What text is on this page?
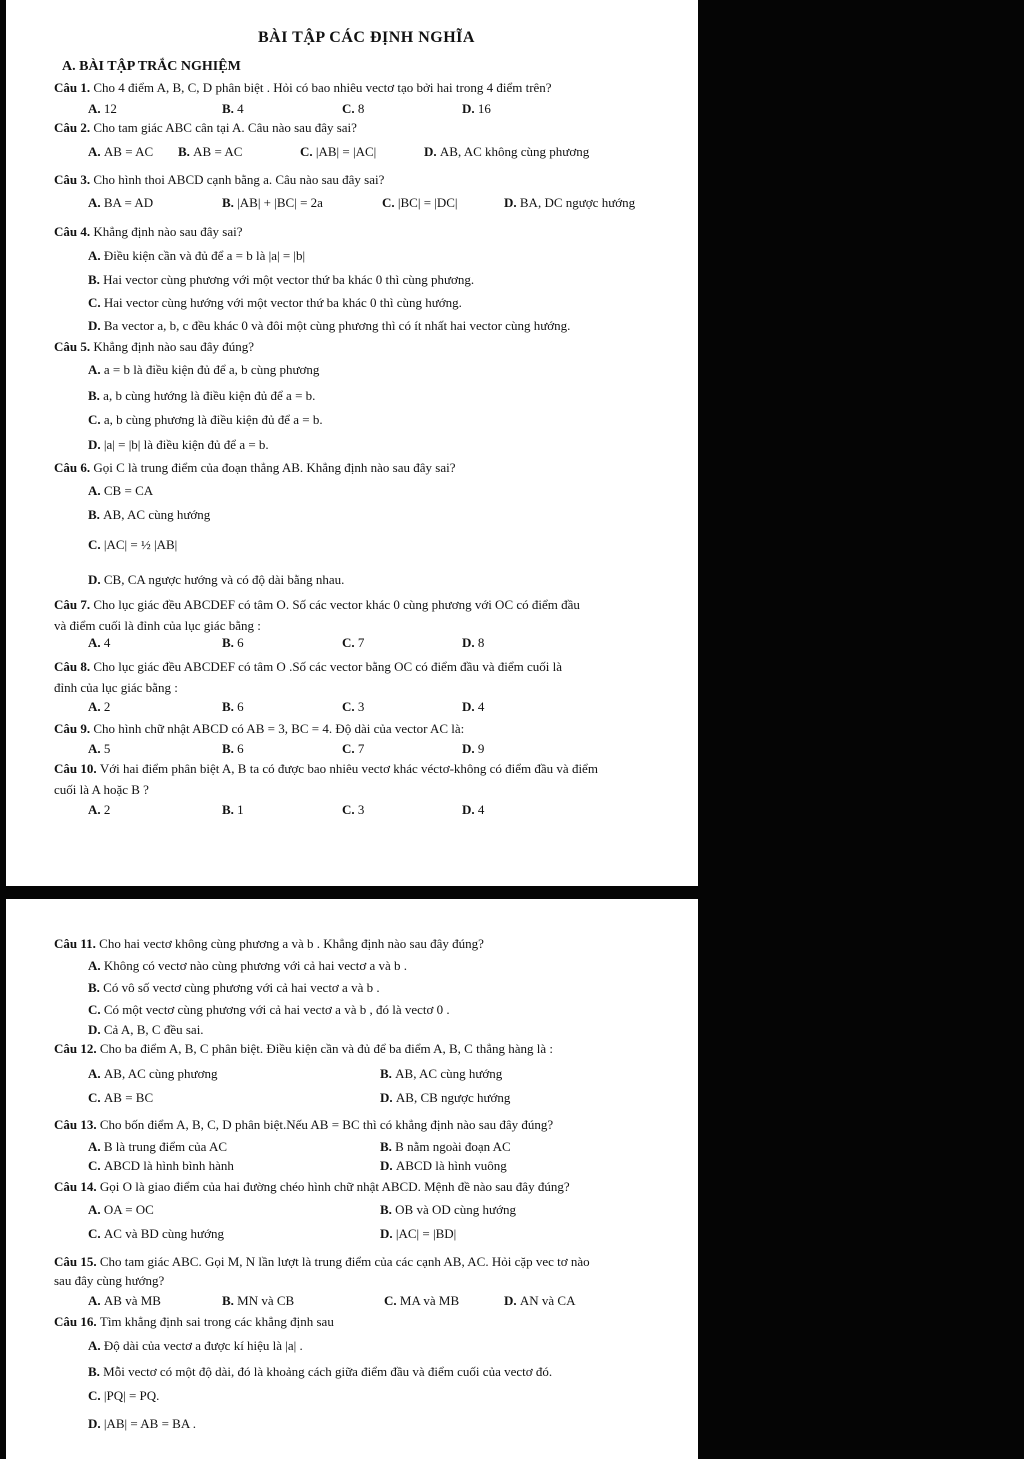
BÀI TẬP CÁC ĐỊNH NGHĨA
A. BÀI TẬP TRẮC NGHIỆM
Câu 1. Cho 4 điểm A, B, C, D phân biệt . Hỏi có bao nhiêu vectơ tạo bởi hai trong 4 điểm trên?
A. 12	B. 4	C. 8	D. 16
Câu 2. Cho tam giác ABC cân tại A. Câu nào sau đây sai?
A. AB = AC B. AB = AC	C. |AB| = |AC|	D. AB, AC không cùng phương
Câu 3. Cho hình thoi ABCD cạnh bằng a. Câu nào sau đây sai?
A. BA = AD	B. |AB| + |BC| = 2a	C. |BC| = |DC|	D. BA, DC ngược hướng
Câu 4. Khẳng định nào sau đây sai?
A. Điều kiện cần và đủ để a = b là |a| = |b|
B. Hai vector cùng phương với một vector thứ ba khác 0 thì cùng phương.
C. Hai vector cùng hướng với một vector thứ ba khác 0 thì cùng hướng.
D. Ba vector a, b, c đều khác 0 và đôi một cùng phương thì có ít nhất hai vector cùng hướng.
Câu 5. Khẳng định nào sau đây đúng?
A. a = b là điều kiện đủ để a, b cùng phương
B. a, b cùng hướng là điều kiện đủ để a = b.
C. a, b cùng phương là điều kiện đủ để a = b.
D. |a| = |b| là điều kiện đủ để a = b.
Câu 6. Gọi C là trung điểm của đoạn thẳng AB. Khẳng định nào sau đây sai?
A. CB = CA
B. AB, AC cùng hướng
C. |AC| = ½ |AB|
D. CB, CA ngược hướng và có độ dài bằng nhau.
Câu 7. Cho lục giác đều ABCDEF có tâm O. Số các vector khác 0 cùng phương với OC có điểm đầu
và điểm cuối là đỉnh của lục giác bằng :
A. 4	B. 6	C. 7	D. 8
Câu 8. Cho lục giác đều ABCDEF có tâm O .Số các vector bằng OC có điểm đầu và điểm cuối là
đỉnh của lục giác bằng :
A. 2	B. 6	C. 3	D. 4
Câu 9. Cho hình chữ nhật ABCD có AB = 3, BC = 4. Độ dài của vector AC là:
A. 5	B. 6	C. 7	D. 9
Câu 10. Với hai điểm phân biệt A, B ta có được bao nhiêu vectơ khác véctơ-không có điểm đầu và điểm
cuối là A hoặc B ?
A. 2	B. 1	C. 3	D. 4
Câu 11. Cho hai vectơ không cùng phương a và b . Khẳng định nào sau đây đúng?
A. Không có vectơ nào cùng phương với cả hai vectơ a và b .
B. Có vô số vectơ cùng phương với cả hai vectơ a và b .
C. Có một vectơ cùng phương với cả hai vectơ a và b , đó là vectơ 0 .
D. Cả A, B, C đều sai.
Câu 12. Cho ba điểm A, B, C phân biệt. Điều kiện cần và đủ để ba điểm A, B, C thẳng hàng là :
A. AB, AC cùng phương	B. AB, AC cùng hướng
C. AB = BC	D. AB, CB ngược hướng
Câu 13. Cho bốn điểm A, B, C, D phân biệt.Nếu AB = BC thì có khẳng định nào sau đây đúng?
A. B là trung điểm của AC	B. B nằm ngoài đoạn AC
C. ABCD là hình bình hành	D. ABCD là hình vuông
Câu 14. Gọi O là giao điểm của hai đường chéo hình chữ nhật ABCD. Mệnh đề nào sau đây đúng?
A. OA = OC	B. OB và OD cùng hướng
C. AC và BD cùng hướng	D. |AC| = |BD|
Câu 15. Cho tam giác ABC. Gọi M, N lần lượt là trung điểm của các cạnh AB, AC. Hỏi cặp vec tơ nào
sau đây cùng hướng?
A. AB và MB	B. MN và CB	C. MA và MB	D. AN và CA
Câu 16. Tìm khẳng định sai trong các khẳng định sau
A. Độ dài của vectơ a được kí hiệu là |a| .
B. Mỗi vectơ có một độ dài, đó là khoảng cách giữa điểm đầu và điểm cuối của vectơ đó.
C. |PQ| = PQ.
D. |AB| = AB = BA .
